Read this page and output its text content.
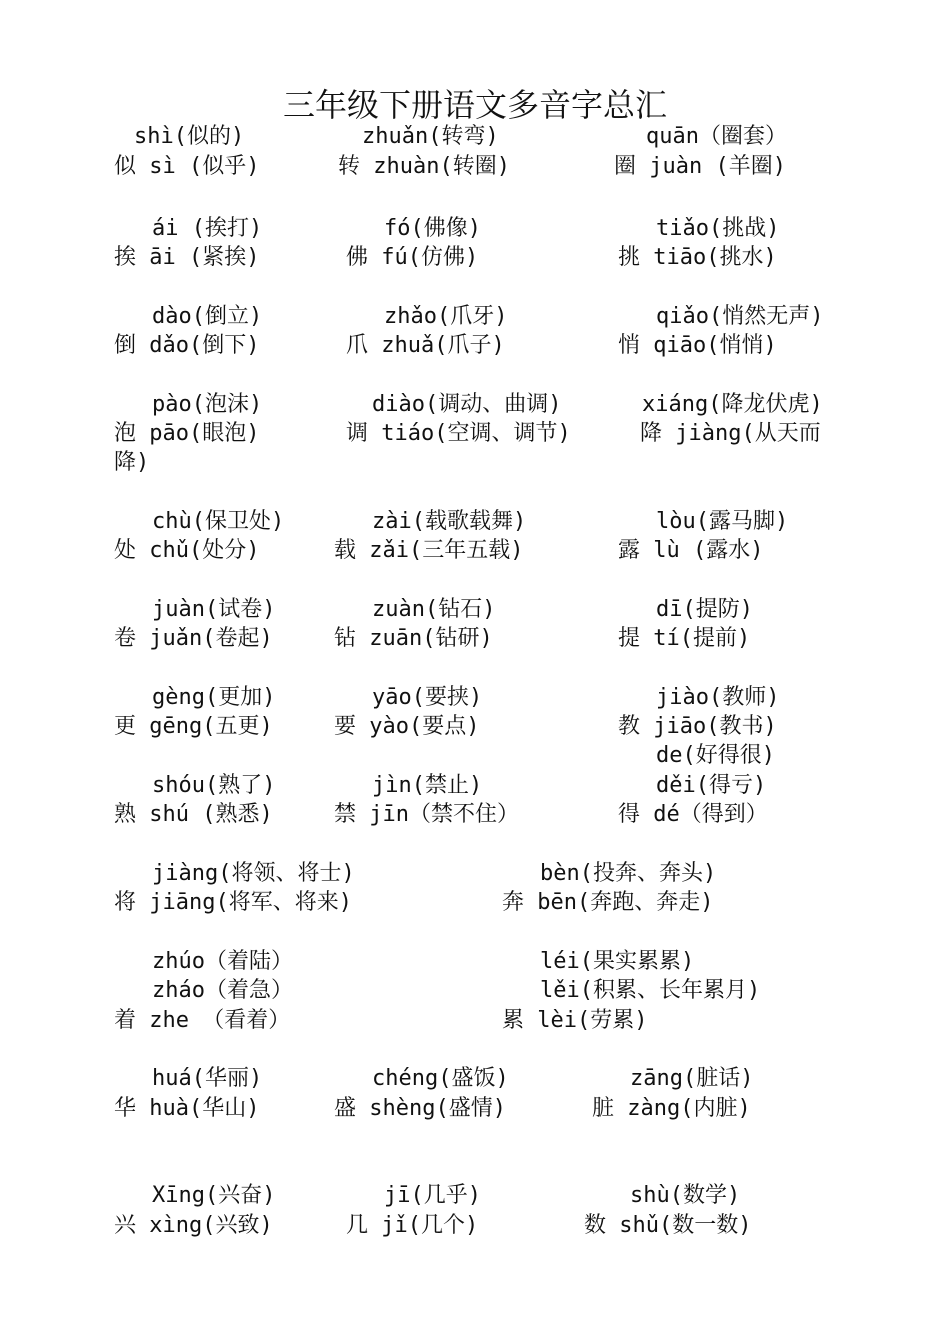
三年级下册语文多音字总汇
shì(似的)	zhuǎn(转弯)	quān（圈套）
似 sì (似乎)	转 zhuàn(转圈)	圈 juàn (羊圈)
ái (挨打)	fó(佛像)	tiǎo(挑战)
挨 āi (紧挨)	佛 fú(仿佛)	挑 tiāo(挑水)
dào(倒立)	zhǎo(爪牙)	qiǎo(悄然无声)
倒 dǎo(倒下)	爪 zhuǎ(爪子)	悄 qiāo(悄悄)
pào(泡沫)	diào(调动、曲调)	xiáng(降龙伏虎)
泡 pāo(眼泡)	调 tiáo(空调、调节)	降 jiàng(从天而
降)
chù(保卫处)	zài(载歌载舞)	lòu(露马脚)
处 chǔ(处分)	载 zǎi(三年五载)	露 lù (露水)
juàn(试卷)	zuàn(钻石)	dī(提防)
卷 juǎn(卷起)	钻 zuān(钻研)	提 tí(提前)
gèng(更加)	yāo(要挟)	jiào(教师)
更 gēng(五更)	要 yào(要点)	教 jiāo(教书)
de(好得很)
shóu(熟了)	jìn(禁止)	děi(得亏)
熟 shú (熟悉)	禁 jīn（禁不住）	得 dé（得到）
jiàng(将领、将士)	bèn(投奔、奔头)
将 jiāng(将军、将来)	奔 bēn(奔跑、奔走)
zhúo（着陆）	léi(果实累累)
zháo（着急）	lěi(积累、长年累月)
着 zhe （看着）	累 lèi(劳累)
huá(华丽)	chéng(盛饭)	zāng(脏话)
华 huà(华山)	盛 shèng(盛情)	脏 zàng(内脏)
Xīng(兴奋)	jī(几乎)	shù(数学)
兴 xìng(兴致)	几 jǐ(几个)	数 shǔ(数一数)
